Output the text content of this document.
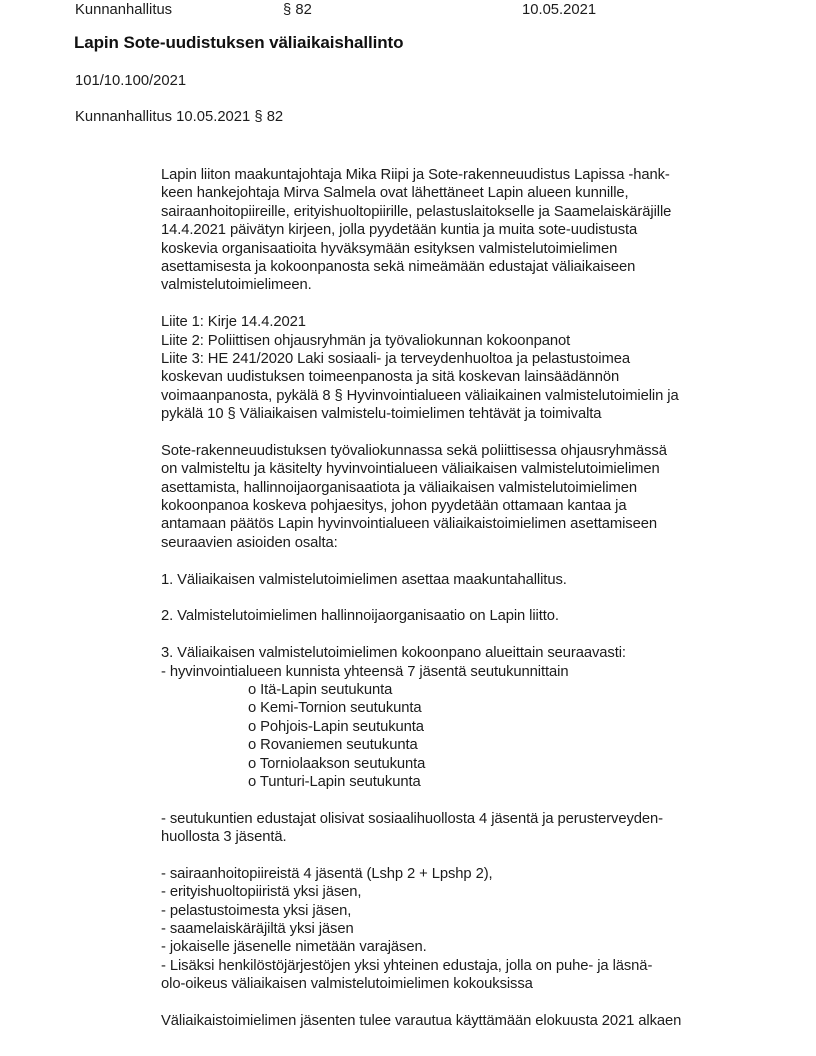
Kunnanhallitus	§ 82	10.05.2021
Lapin Sote-uudistuksen väliaikaishallinto
101/10.100/2021
Kunnanhallitus 10.05.2021 § 82
Lapin liiton maakuntajohtaja Mika Riipi ja Sote-rakenneuudistus Lapissa -hank-
keen hankejohtaja Mirva Salmela ovat lähettäneet Lapin alueen kunnille,
sairaanhoitopiireille, erityishuoltopiirille, pelastuslaitokselle ja Saamelaiskäräjille
14.4.2021 päivätyn kirjeen, jolla pyydetään kuntia ja muita sote-uudistusta
koskevia organisaatioita hyväksymään esityksen valmistelutoimielimen
asettamisesta ja kokoonpanosta sekä nimeämään edustajat väliaikaiseen
valmistelutoimielimeen.
Liite 1: Kirje 14.4.2021
Liite 2: Poliittisen ohjausryhmän ja työvaliokunnan kokoonpanot
Liite 3: HE 241/2020 Laki sosiaali- ja terveydenhuoltoa ja pelastustoimea
koskevan uudistuksen toimeenpanosta ja sitä koskevan lainsäädännön
voimaanpanosta, pykälä 8 § Hyvinvointialueen väliaikainen valmistelutoimielin ja
pykälä 10 § Väliaikaisen valmistelu-toimielimen tehtävät ja toimivalta
Sote-rakenneuudistuksen työvaliokunnassa sekä poliittisessa ohjausryhmässä
on valmisteltu ja käsitelty hyvinvointialueen väliaikaisen valmistelutoimielimen
asettamista, hallinnoijaorganisaatiota ja väliaikaisen valmistelutoimielimen
kokoonpanoa koskeva pohjaesitys, johon pyydetään ottamaan kantaa ja
antamaan päätös Lapin hyvinvointialueen väliaikaistoimielimen asettamiseen
seuraavien asioiden osalta:
1. Väliaikaisen valmistelutoimielimen asettaa maakuntahallitus.
2. Valmistelutoimielimen hallinnoijaorganisaatio on Lapin liitto.
3. Väliaikaisen valmistelutoimielimen kokoonpano alueittain seuraavasti:
- hyvinvointialueen kunnista yhteensä 7 jäsentä seutukunnittain
o Itä-Lapin seutukunta
o Kemi-Tornion seutukunta
o Pohjois-Lapin seutukunta
o Rovaniemen seutukunta
o Torniolaakson seutukunta
o Tunturi-Lapin seutukunta
- seutukuntien edustajat olisivat sosiaalihuollosta 4 jäsentä ja perusterveyden-
huollosta 3 jäsentä.
- sairaanhoitopiireistä 4 jäsentä (Lshp 2 + Lpshp 2),
- erityishuoltopiiristä yksi jäsen,
- pelastustoimesta yksi jäsen,
- saamelaiskäräjiltä yksi jäsen
- jokaiselle jäsenelle nimetään varajäsen.
- Lisäksi henkilöstöjärjestöjen yksi yhteinen edustaja, jolla on puhe- ja läsnä-
olo-oikeus väliaikaisen valmistelutoimielimen kokouksissa
Väliaikaistoimielimen jäsenten tulee varautua käyttämään elokuusta 2021 alkaen
